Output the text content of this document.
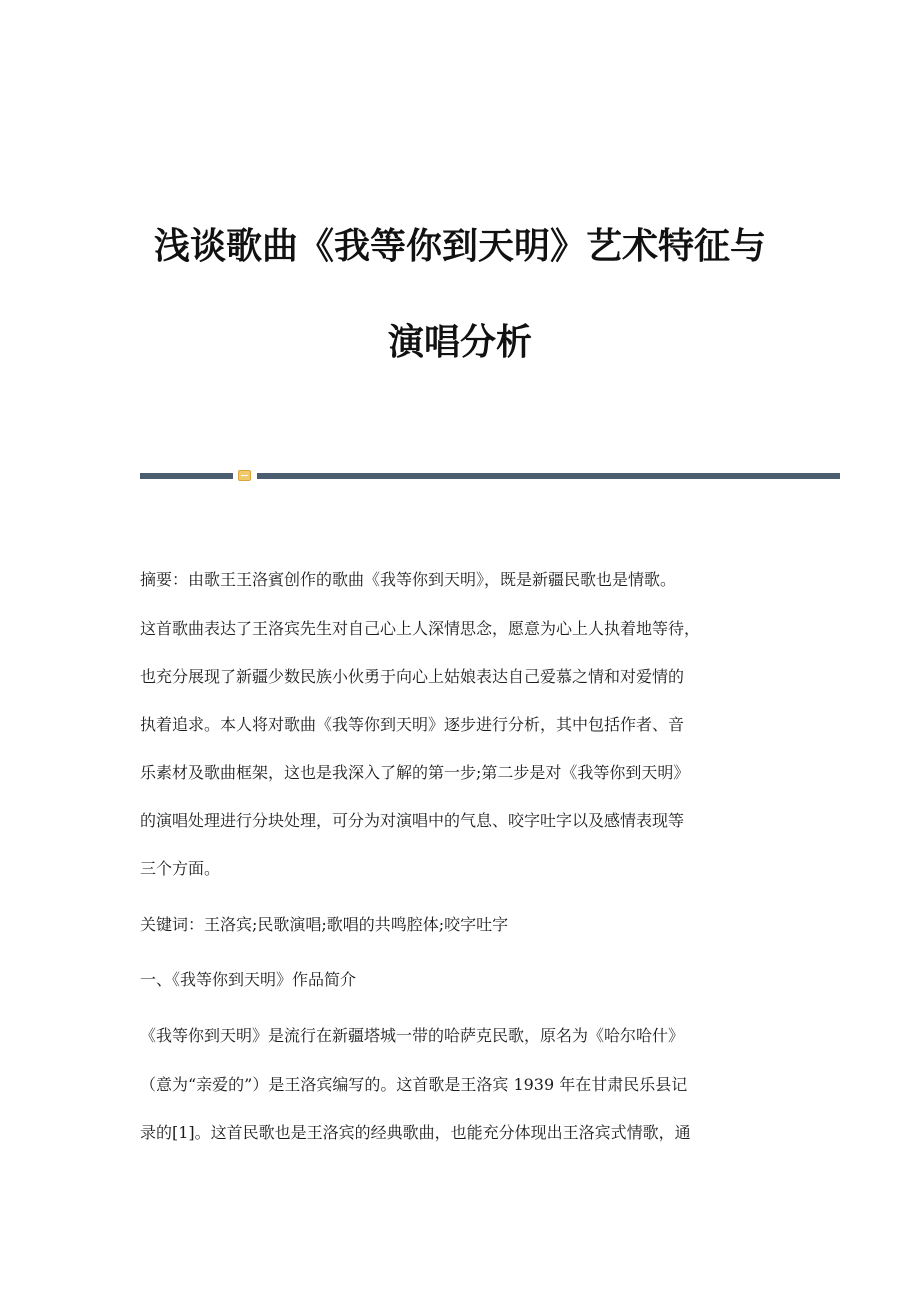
浅谈歌曲《我等你到天明》艺术特征与
演唱分析

摘要：由歌王王洛賓创作的歌曲《我等你到天明》，既是新疆民歌也是情歌。

这首歌曲表达了王洛宾先生对自己心上人深情思念，愿意为心上人执着地等待，

也充分展现了新疆少数民族小伙勇于向心上姑娘表达自己爱慕之情和对爱情的

执着追求。本人将对歌曲《我等你到天明》逐步进行分析，其中包括作者、音

乐素材及歌曲框架，这也是我深入了解的第一步;第二步是对《我等你到天明》

的演唱处理进行分块处理，可分为对演唱中的气息、咬字吐字以及感情表现等

三个方面。

关键词：王洛宾;民歌演唱;歌唱的共鸣腔体;咬字吐字

一、《我等你到天明》作品简介

《我等你到天明》是流行在新疆塔城一带的哈萨克民歌，原名为《哈尔哈什》

（意为“亲爱的”）是王洛宾编写的。这首歌是王洛宾 1939 年在甘肃民乐县记

录的[1]。这首民歌也是王洛宾的经典歌曲，也能充分体现出王洛宾式情歌，通
